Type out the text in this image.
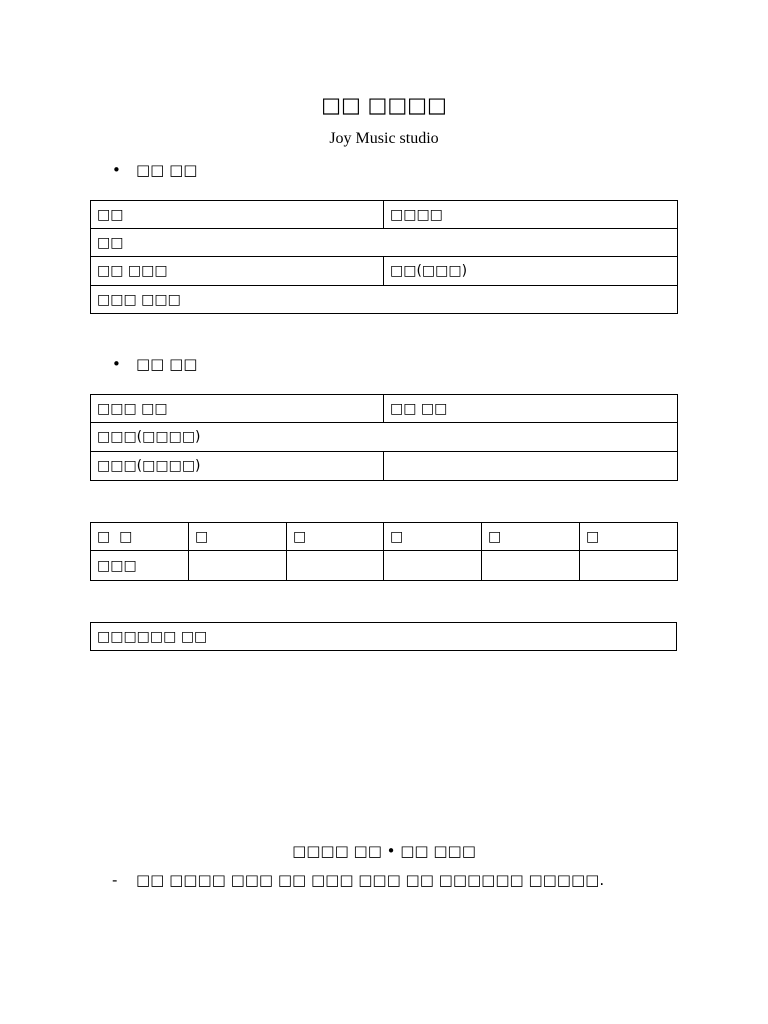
□□ □□□□
Joy Music studio
• □□ □□
□□	□□□□
□□	
□□ □□□	□□(□□□)
□□□ □□□	
• □□ □□
□□□ □□	□□ □□
□□□(□□□□)	
□□□(□□□□)	
□  □	□	□	□	□	□
□□□					
□□□□□□ □□
□□□□ □□ • □□ □□□
- □□ □□□□ □□□ □□ □□□ □□□ □□ □□□□□□ □□□□□.
